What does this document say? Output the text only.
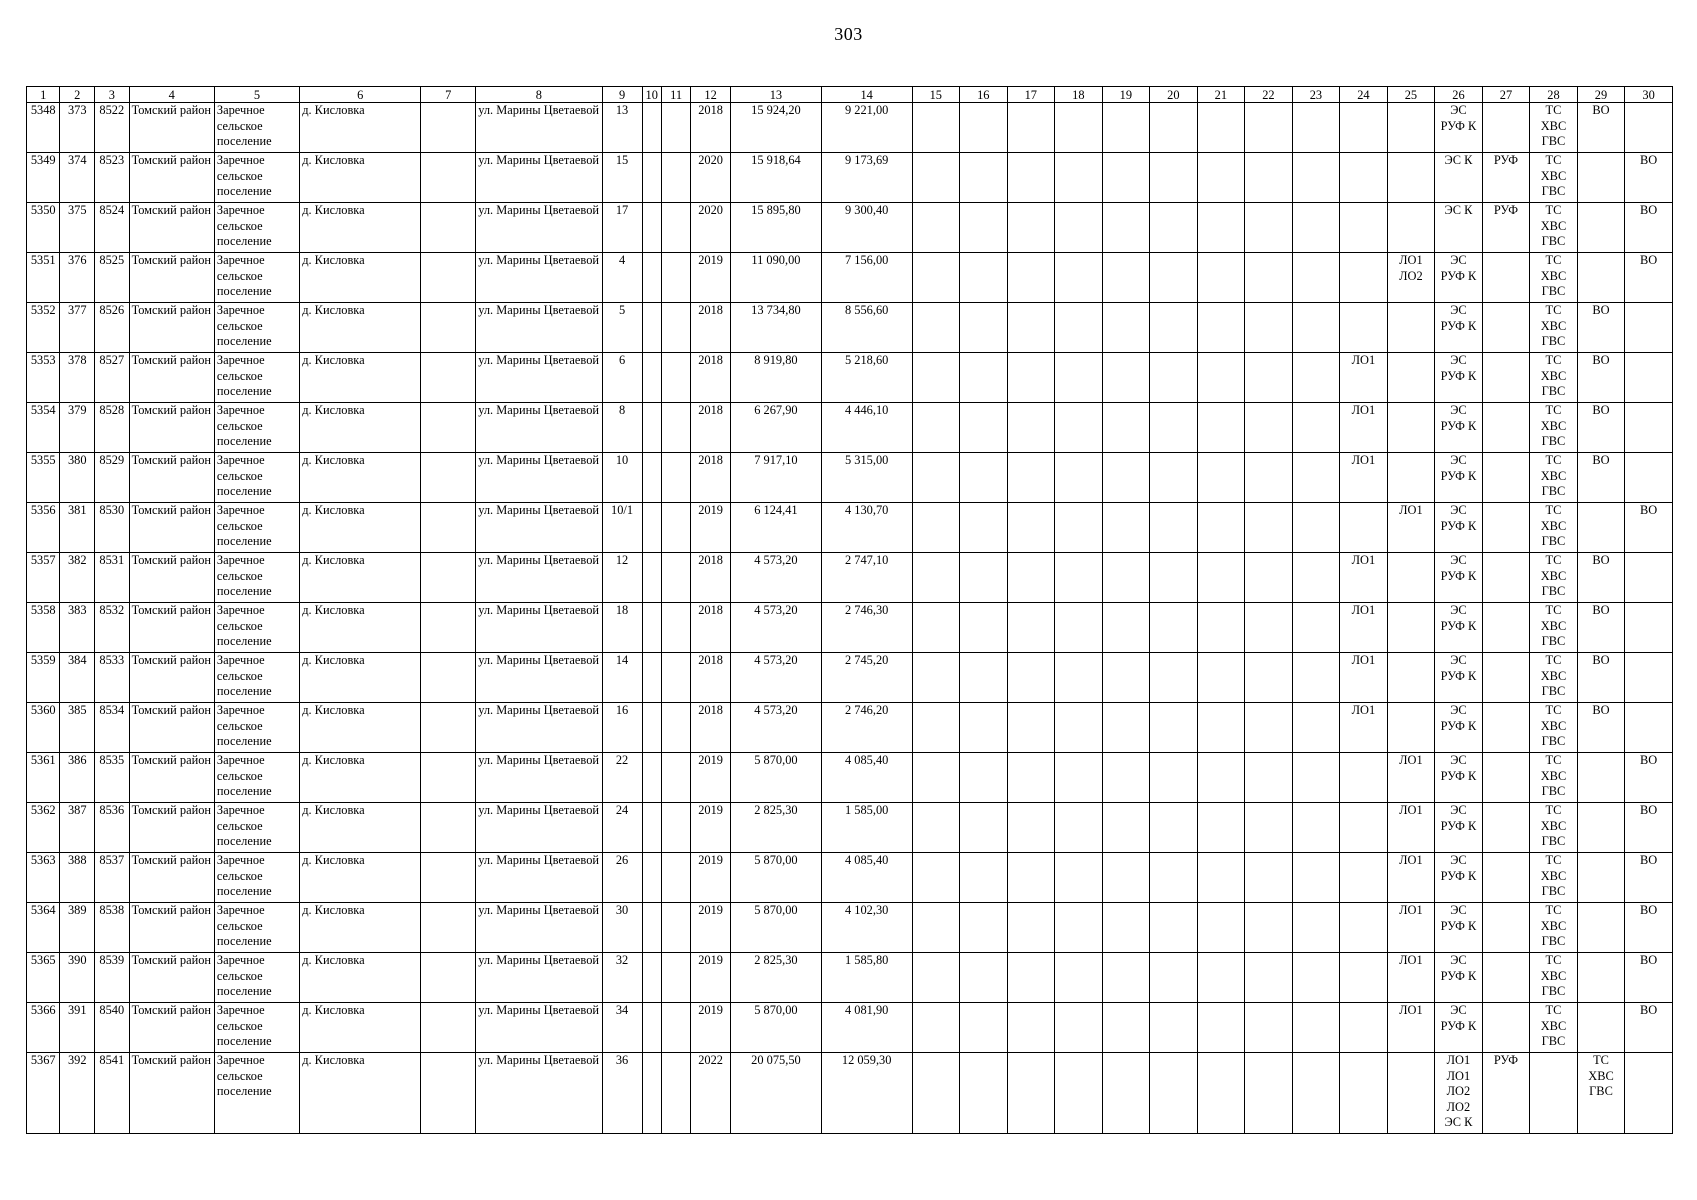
303
1	2	3	4	5	6	7	8	9	10	11	12	13	14	15	16	17	18	19	20	21	22	23	24	25	26	27	28	29	30
5348	373	8522	Томский район	Заречное сельское поселение	д. Кисловка		ул. Марины Цветаевой	13			2018	15 924,20	9 221,00												ЭС РУФ К		ТС ХВС ГВС	ВО	
5349	374	8523	Томский район	Заречное сельское поселение	д. Кисловка		ул. Марины Цветаевой	15			2020	15 918,64	9 173,69												ЭС К	РУФ	ТС ХВС ГВС		ВО
5350	375	8524	Томский район	Заречное сельское поселение	д. Кисловка		ул. Марины Цветаевой	17			2020	15 895,80	9 300,40												ЭС К	РУФ	ТС ХВС ГВС		ВО
5351	376	8525	Томский район	Заречное сельское поселение	д. Кисловка		ул. Марины Цветаевой	4			2019	11 090,00	7 156,00											ЛО1 ЛО2	ЭС РУФ К		ТС ХВС ГВС		ВО
5352	377	8526	Томский район	Заречное сельское поселение	д. Кисловка		ул. Марины Цветаевой	5			2018	13 734,80	8 556,60												ЭС РУФ К		ТС ХВС ГВС	ВО	
5353	378	8527	Томский район	Заречное сельское поселение	д. Кисловка		ул. Марины Цветаевой	6			2018	8 919,80	5 218,60										ЛО1		ЭС РУФ К		ТС ХВС ГВС	ВО	
5354	379	8528	Томский район	Заречное сельское поселение	д. Кисловка		ул. Марины Цветаевой	8			2018	6 267,90	4 446,10										ЛО1		ЭС РУФ К		ТС ХВС ГВС	ВО	
5355	380	8529	Томский район	Заречное сельское поселение	д. Кисловка		ул. Марины Цветаевой	10			2018	7 917,10	5 315,00										ЛО1		ЭС РУФ К		ТС ХВС ГВС	ВО	
5356	381	8530	Томский район	Заречное сельское поселение	д. Кисловка		ул. Марины Цветаевой	10/1			2019	6 124,41	4 130,70											ЛО1	ЭС РУФ К		ТС ХВС ГВС		ВО
5357	382	8531	Томский район	Заречное сельское поселение	д. Кисловка		ул. Марины Цветаевой	12			2018	4 573,20	2 747,10										ЛО1		ЭС РУФ К		ТС ХВС ГВС	ВО	
5358	383	8532	Томский район	Заречное сельское поселение	д. Кисловка		ул. Марины Цветаевой	18			2018	4 573,20	2 746,30										ЛО1		ЭС РУФ К		ТС ХВС ГВС	ВО	
5359	384	8533	Томский район	Заречное сельское поселение	д. Кисловка		ул. Марины Цветаевой	14			2018	4 573,20	2 745,20										ЛО1		ЭС РУФ К		ТС ХВС ГВС	ВО	
5360	385	8534	Томский район	Заречное сельское поселение	д. Кисловка		ул. Марины Цветаевой	16			2018	4 573,20	2 746,20										ЛО1		ЭС РУФ К		ТС ХВС ГВС	ВО	
5361	386	8535	Томский район	Заречное сельское поселение	д. Кисловка		ул. Марины Цветаевой	22			2019	5 870,00	4 085,40											ЛО1	ЭС РУФ К		ТС ХВС ГВС		ВО
5362	387	8536	Томский район	Заречное сельское поселение	д. Кисловка		ул. Марины Цветаевой	24			2019	2 825,30	1 585,00											ЛО1	ЭС РУФ К		ТС ХВС ГВС		ВО
5363	388	8537	Томский район	Заречное сельское поселение	д. Кисловка		ул. Марины Цветаевой	26			2019	5 870,00	4 085,40											ЛО1	ЭС РУФ К		ТС ХВС ГВС		ВО
5364	389	8538	Томский район	Заречное сельское поселение	д. Кисловка		ул. Марины Цветаевой	30			2019	5 870,00	4 102,30											ЛО1	ЭС РУФ К		ТС ХВС ГВС		ВО
5365	390	8539	Томский район	Заречное сельское поселение	д. Кисловка		ул. Марины Цветаевой	32			2019	2 825,30	1 585,80											ЛО1	ЭС РУФ К		ТС ХВС ГВС		ВО
5366	391	8540	Томский район	Заречное сельское поселение	д. Кисловка		ул. Марины Цветаевой	34			2019	5 870,00	4 081,90											ЛО1	ЭС РУФ К		ТС ХВС ГВС		ВО
5367	392	8541	Томский район	Заречное сельское поселение	д. Кисловка		ул. Марины Цветаевой	36			2022	20 075,50	12 059,30												ЛО1 ЛО1 ЛО2 ЛО2 ЭС К	РУФ		ТС ХВС ГВС	
